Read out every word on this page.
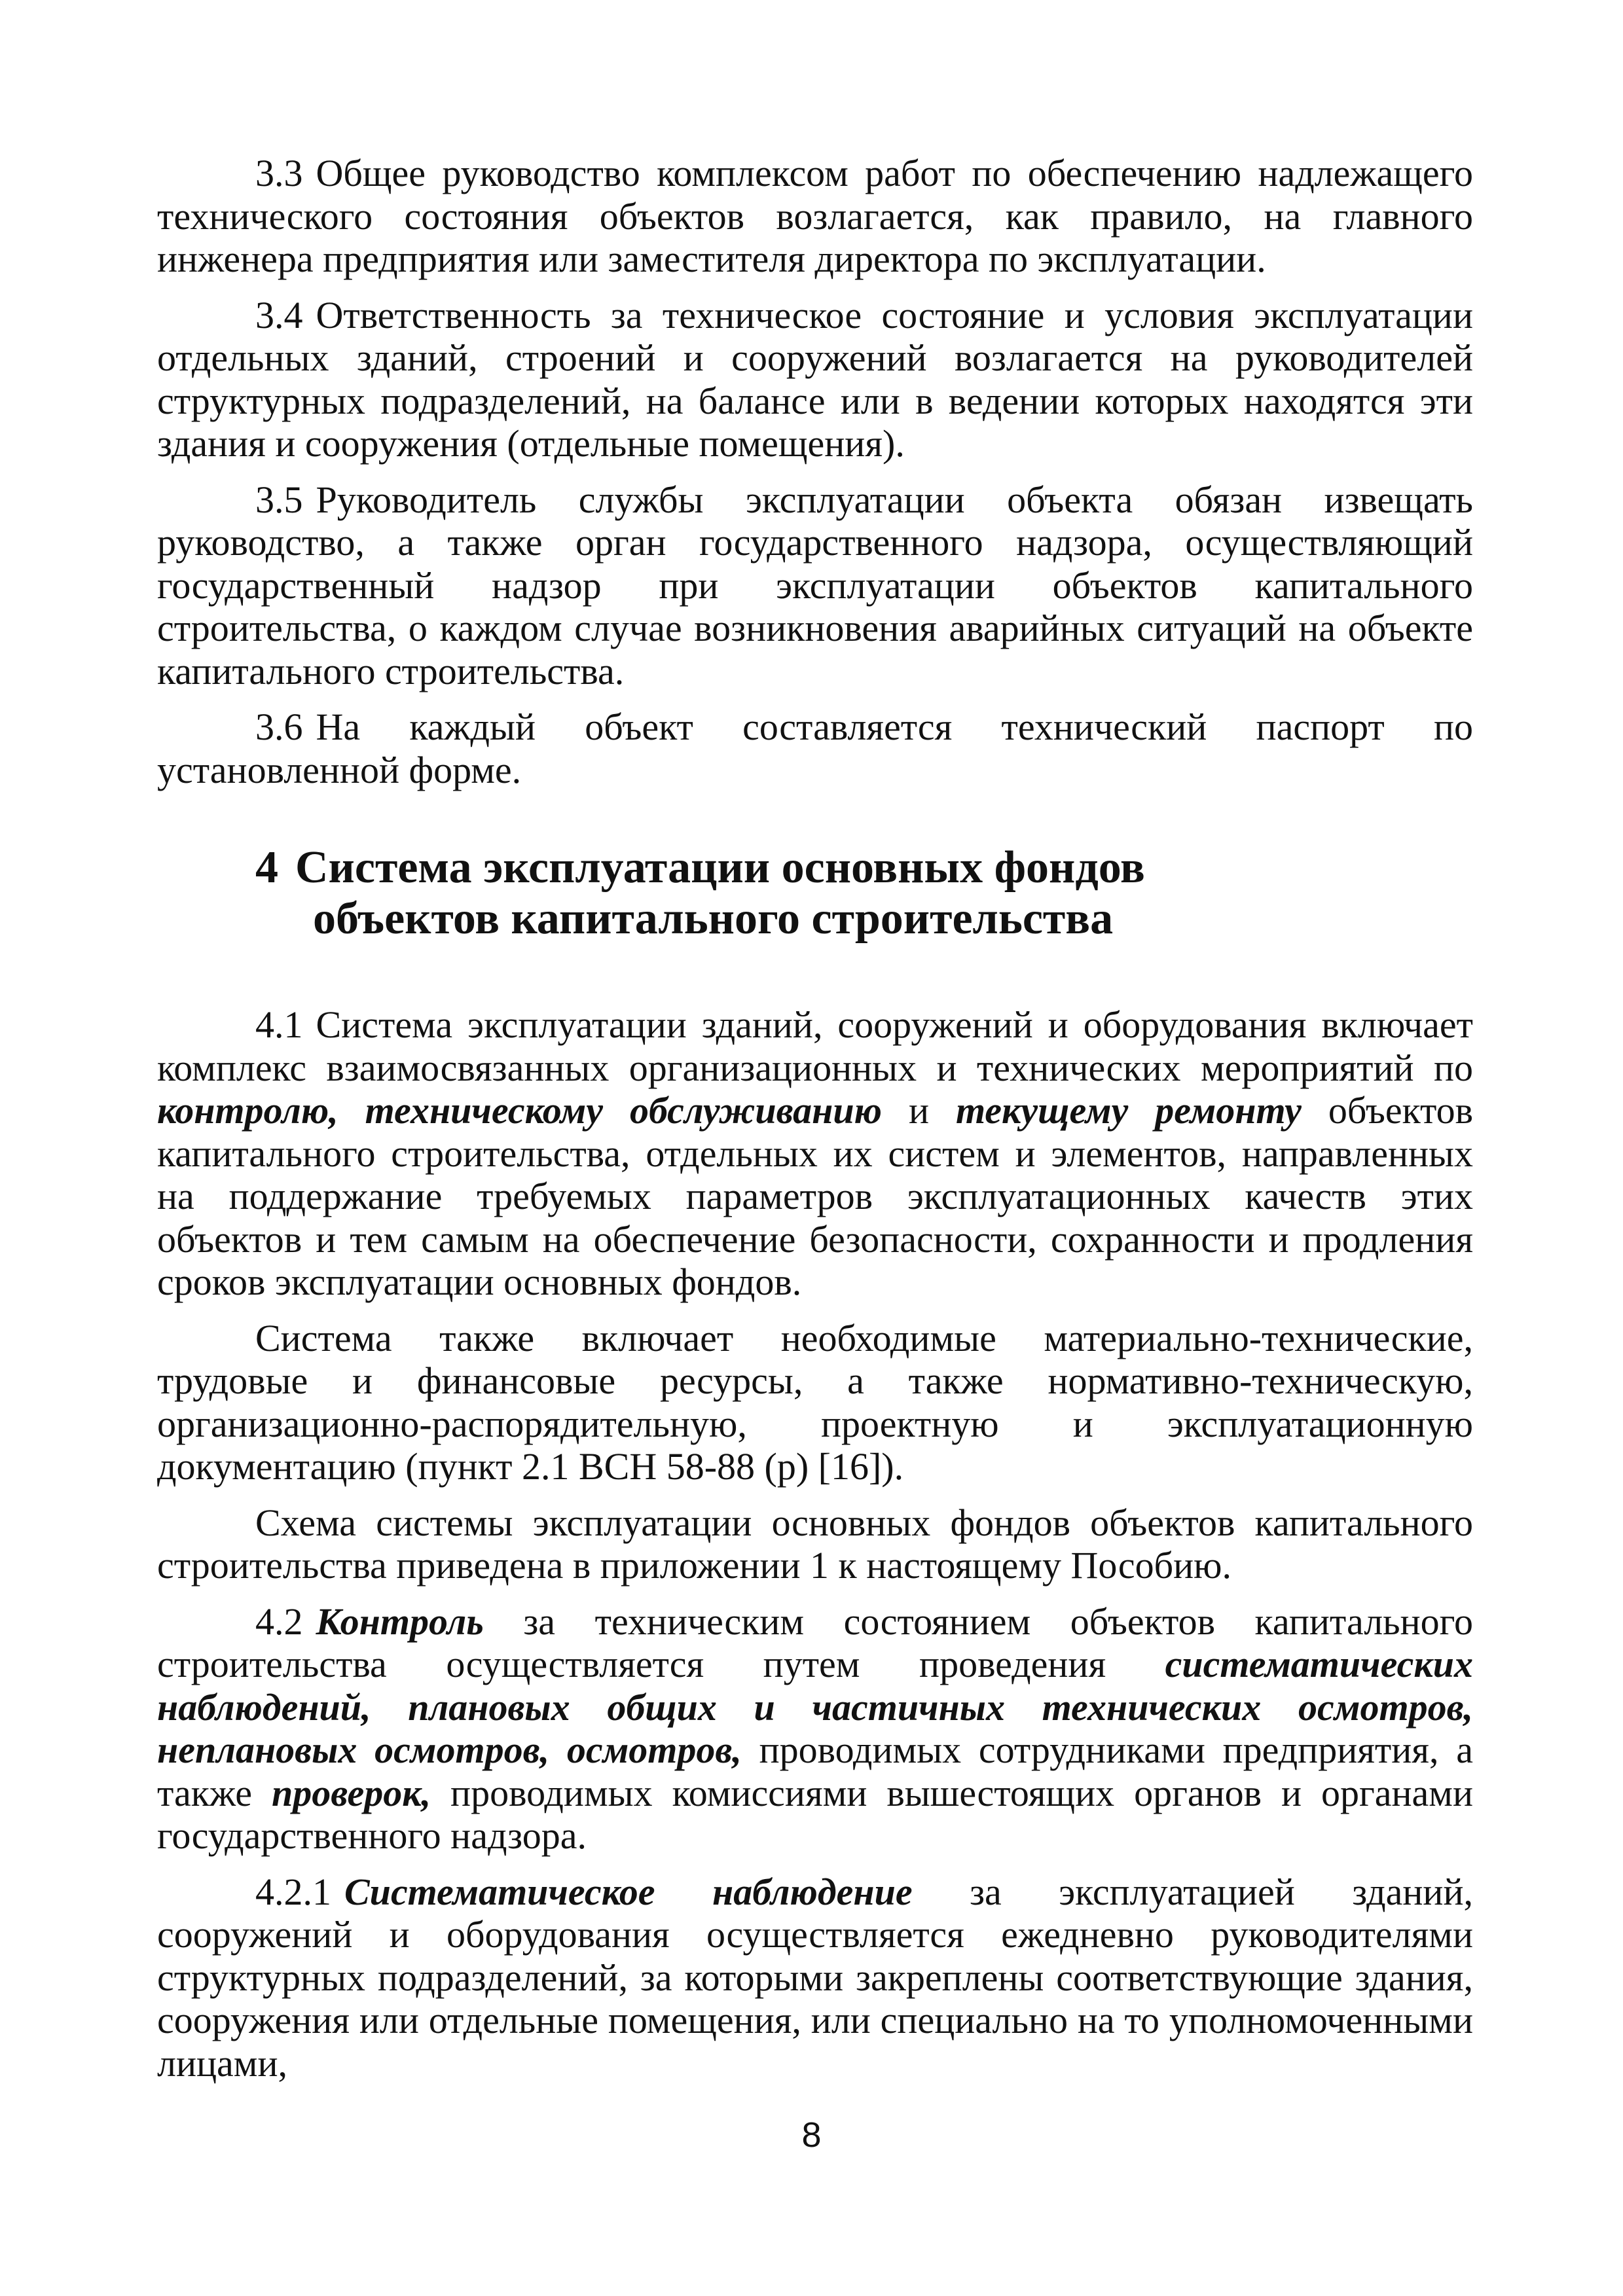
3.3 Общее руководство комплексом работ по обеспечению надлежащего технического состояния объектов возлагается, как правило, на главного инженера предприятия или заместителя директора по эксплуатации.

3.4 Ответственность за техническое состояние и условия эксплуатации отдельных зданий, строений и сооружений возлагается на руководителей структурных подразделений, на балансе или в ведении которых находятся эти здания и сооружения (отдельные помещения).

3.5 Руководитель службы эксплуатации объекта обязан извещать руководство, а также орган государственного надзора, осуществляющий государственный надзор при эксплуатации объектов капитального строительства, о каждом случае возникновения аварийных ситуаций на объекте капитального строительства.

3.6 На каждый объект составляется технический паспорт по установленной форме.

4 Система эксплуатации основных фондов
объектов капитального строительства

4.1 Система эксплуатации зданий, сооружений и оборудования включает комплекс взаимосвязанных организационных и технических мероприятий по контролю, техническому обслуживанию и текущему ремонту объектов капитального строительства, отдельных их систем и элементов, направленных на поддержание требуемых параметров эксплуатационных качеств этих объектов и тем самым на обеспечение безопасности, сохранности и продления сроков эксплуатации основных фондов.

Система также включает необходимые материально-технические, трудовые и финансовые ресурсы, а также нормативно-техническую, организационно-распорядительную, проектную и эксплуатационную документацию (пункт 2.1 ВСН 58-88 (р) [16]).

Схема системы эксплуатации основных фондов объектов капитального строительства приведена в приложении 1 к настоящему Пособию.

4.2 Контроль за техническим состоянием объектов капитального строительства осуществляется путем проведения систематических наблюдений, плановых общих и частичных технических осмотров, неплановых осмотров, осмотров, проводимых сотрудниками предприятия, а также проверок, проводимых комиссиями вышестоящих органов и органами государственного надзора.

4.2.1 Систематическое наблюдение за эксплуатацией зданий, сооружений и оборудования осуществляется ежедневно руководителями структурных подразделений, за которыми закреплены соответствующие здания, сооружения или отдельные помещения, или специально на то уполномоченными лицами,

8
